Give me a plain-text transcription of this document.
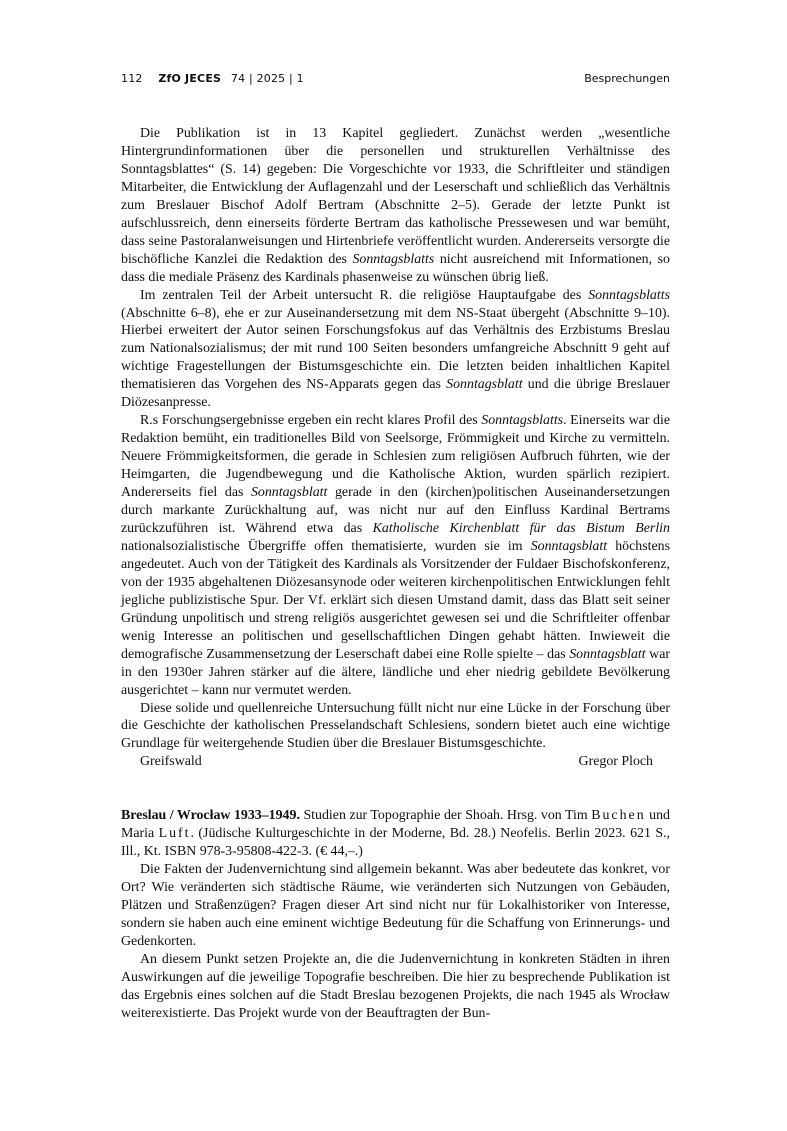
112 ZfO JECES 74 | 2025 | 1	Besprechungen

Die Publikation ist in 13 Kapitel gegliedert. Zunächst werden „wesentliche Hintergrundinformationen über die personellen und strukturellen Verhältnisse des Sonntagsblattes“ (S. 14) gegeben: Die Vorgeschichte vor 1933, die Schriftleiter und ständigen Mitarbeiter, die Entwicklung der Auflagenzahl und der Leserschaft und schließlich das Verhältnis zum Breslauer Bischof Adolf Bertram (Abschnitte 2–5). Gerade der letzte Punkt ist aufschlussreich, denn einerseits förderte Bertram das katholische Pressewesen und war bemüht, dass seine Pastoralanweisungen und Hirtenbriefe veröffentlicht wurden. Andererseits versorgte die bischöfliche Kanzlei die Redaktion des Sonntagsblatts nicht ausreichend mit Informationen, so dass die mediale Präsenz des Kardinals phasenweise zu wünschen übrig ließ.

Im zentralen Teil der Arbeit untersucht R. die religiöse Hauptaufgabe des Sonntagsblatts (Abschnitte 6–8), ehe er zur Auseinandersetzung mit dem NS-Staat übergeht (Abschnitte 9–10). Hierbei erweitert der Autor seinen Forschungsfokus auf das Verhältnis des Erzbistums Breslau zum Nationalsozialismus; der mit rund 100 Seiten besonders umfangreiche Abschnitt 9 geht auf wichtige Fragestellungen der Bistumsgeschichte ein. Die letzten beiden inhaltlichen Kapitel thematisieren das Vorgehen des NS-Apparats gegen das Sonntagsblatt und die übrige Breslauer Diözesanpresse.

R.s Forschungsergebnisse ergeben ein recht klares Profil des Sonntagsblatts. Einerseits war die Redaktion bemüht, ein traditionelles Bild von Seelsorge, Frömmigkeit und Kirche zu vermitteln. Neuere Frömmigkeitsformen, die gerade in Schlesien zum religiösen Aufbruch führten, wie der Heimgarten, die Jugendbewegung und die Katholische Aktion, wurden spärlich rezipiert. Andererseits fiel das Sonntagsblatt gerade in den (kirchen)politischen Auseinandersetzungen durch markante Zurückhaltung auf, was nicht nur auf den Einfluss Kardinal Bertrams zurückzuführen ist. Während etwa das Katholische Kirchenblatt für das Bistum Berlin nationalsozialistische Übergriffe offen thematisierte, wurden sie im Sonntagsblatt höchstens angedeutet. Auch von der Tätigkeit des Kardinals als Vorsitzender der Fuldaer Bischofskonferenz, von der 1935 abgehaltenen Diözesansynode oder weiteren kirchenpolitischen Entwicklungen fehlt jegliche publizistische Spur. Der Vf. erklärt sich diesen Umstand damit, dass das Blatt seit seiner Gründung unpolitisch und streng religiös ausgerichtet gewesen sei und die Schriftleiter offenbar wenig Interesse an politischen und gesellschaftlichen Dingen gehabt hätten. Inwieweit die demografische Zusammensetzung der Leserschaft dabei eine Rolle spielte – das Sonntagsblatt war in den 1930er Jahren stärker auf die ältere, ländliche und eher niedrig gebildete Bevölkerung ausgerichtet – kann nur vermutet werden.

Diese solide und quellenreiche Untersuchung füllt nicht nur eine Lücke in der Forschung über die Geschichte der katholischen Presselandschaft Schlesiens, sondern bietet auch eine wichtige Grundlage für weitergehende Studien über die Breslauer Bistumsgeschichte.

Greifswald	Gregor Ploch

Breslau / Wrocław 1933–1949. Studien zur Topographie der Shoah. Hrsg. von Tim Buchen und Maria Luft. (Jüdische Kulturgeschichte in der Moderne, Bd. 28.) Neofelis. Berlin 2023. 621 S., Ill., Kt. ISBN 978-3-95808-422-3. (€ 44,–.)

Die Fakten der Judenvernichtung sind allgemein bekannt. Was aber bedeutete das konkret, vor Ort? Wie veränderten sich städtische Räume, wie veränderten sich Nutzungen von Gebäuden, Plätzen und Straßenzügen? Fragen dieser Art sind nicht nur für Lokalhistoriker von Interesse, sondern sie haben auch eine eminent wichtige Bedeutung für die Schaffung von Erinnerungs- und Gedenkorten.

An diesem Punkt setzen Projekte an, die die Judenvernichtung in konkreten Städten in ihren Auswirkungen auf die jeweilige Topografie beschreiben. Die hier zu besprechende Publikation ist das Ergebnis eines solchen auf die Stadt Breslau bezogenen Projekts, die nach 1945 als Wrocław weiterexistierte. Das Projekt wurde von der Beauftragten der Bun-
